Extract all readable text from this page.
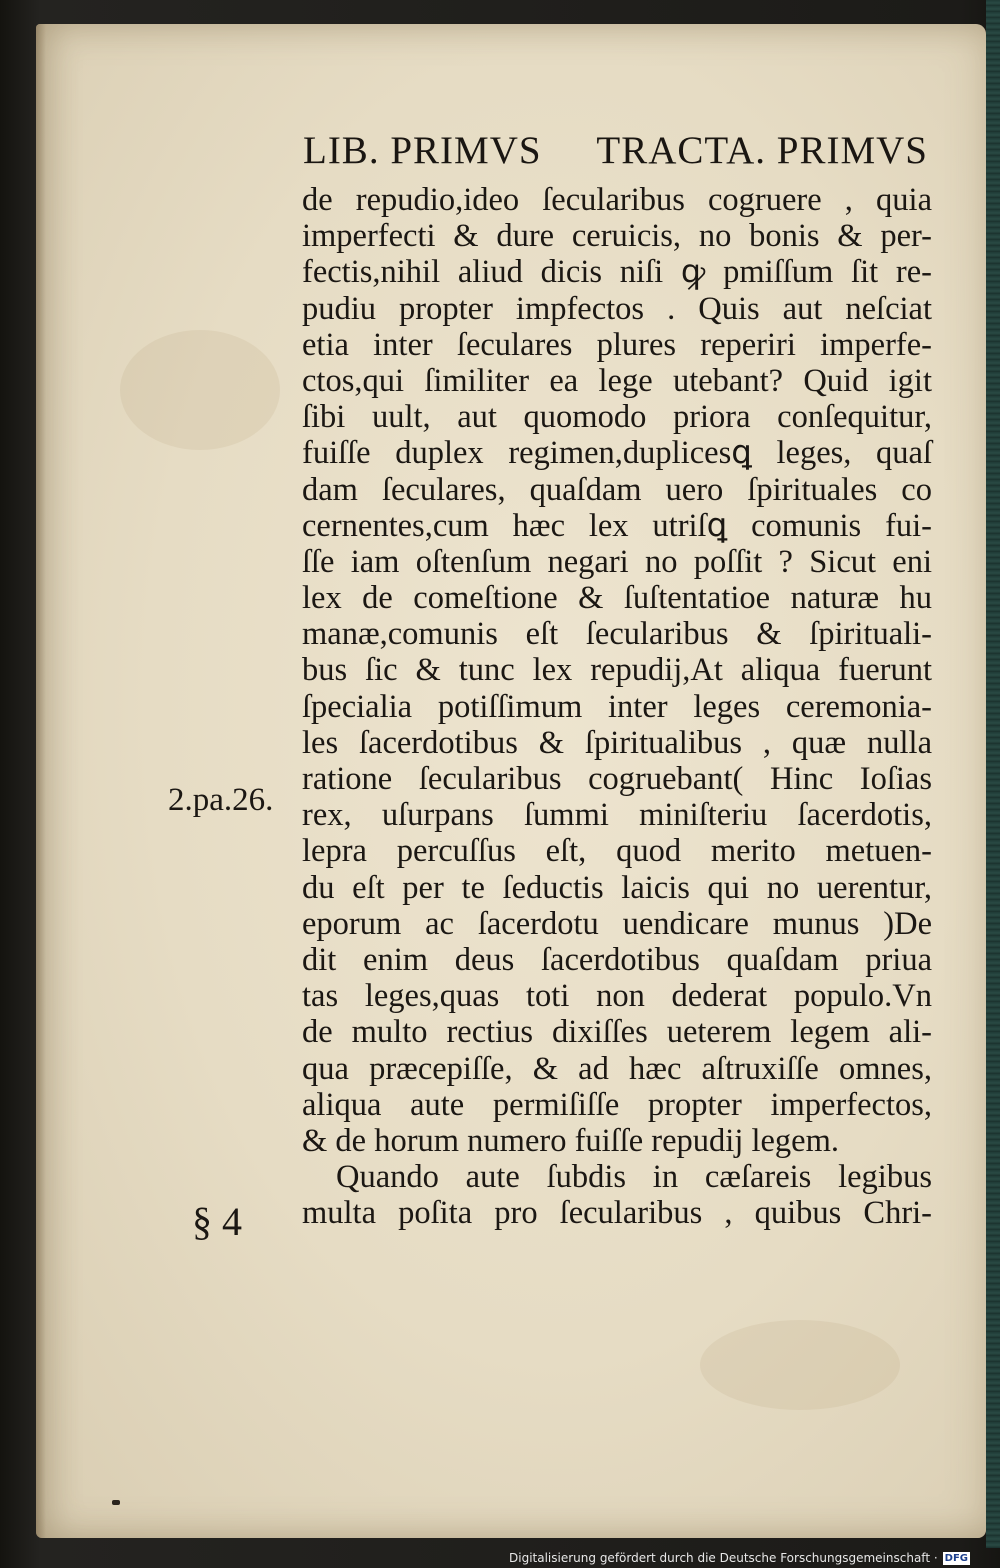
LIB. PRIMVS TRACTA. PRIMVS
de repudio,ideo ſecularibus cogruere , quia
imperfecti & dure ceruicis, no bonis & per-
fectis,nihil aliud dicis niſi ꝙ pmiſſum ſit re-
pudiu propter impfectos . Quis aut neſciat
etia inter ſeculares plures reperiri imperfe-
ctos,qui ſimiliter ea lege utebant? Quid igit
ſibi uult, aut quomodo priora conſequitur,
fuiſſe duplex regimen,duplicesꝗ leges, quaſ
dam ſeculares, quaſdam uero ſpirituales co
cernentes,cum hæc lex utriſꝗ comunis fui-
ſſe iam oſtenſum negari no poſſit ? Sicut eni
lex de comeſtione & ſuſtentatioe naturæ hu
manæ,comunis eſt ſecularibus & ſpirituali-
bus ſic & tunc lex repudij,At aliqua fuerunt
ſpecialia potiſſimum inter leges ceremonia-
les ſacerdotibus & ſpiritualibus , quæ nulla
ratione ſecularibus cogruebant( Hinc Ioſias
rex, uſurpans ſummi miniſteriu ſacerdotis,
lepra percuſſus eſt, quod merito metuen-
du eſt per te ſeductis laicis qui no uerentur,
eporum ac ſacerdotu uendicare munus )De
dit enim deus ſacerdotibus quaſdam priua
tas leges,quas toti non dederat populo.Vn
de multo rectius dixiſſes ueterem legem ali-
qua præcepiſſe, & ad hæc aſtruxiſſe omnes,
aliqua aute permiſiſſe propter imperfectos,
& de horum numero fuiſſe repudij legem.
Quando aute ſubdis in cæſareis legibus
multa poſita pro ſecularibus , quibus Chri-
2.pa.26.
§ 4
Digitalisierung gefördert durch die Deutsche Forschungsgemeinschaft · DFG
